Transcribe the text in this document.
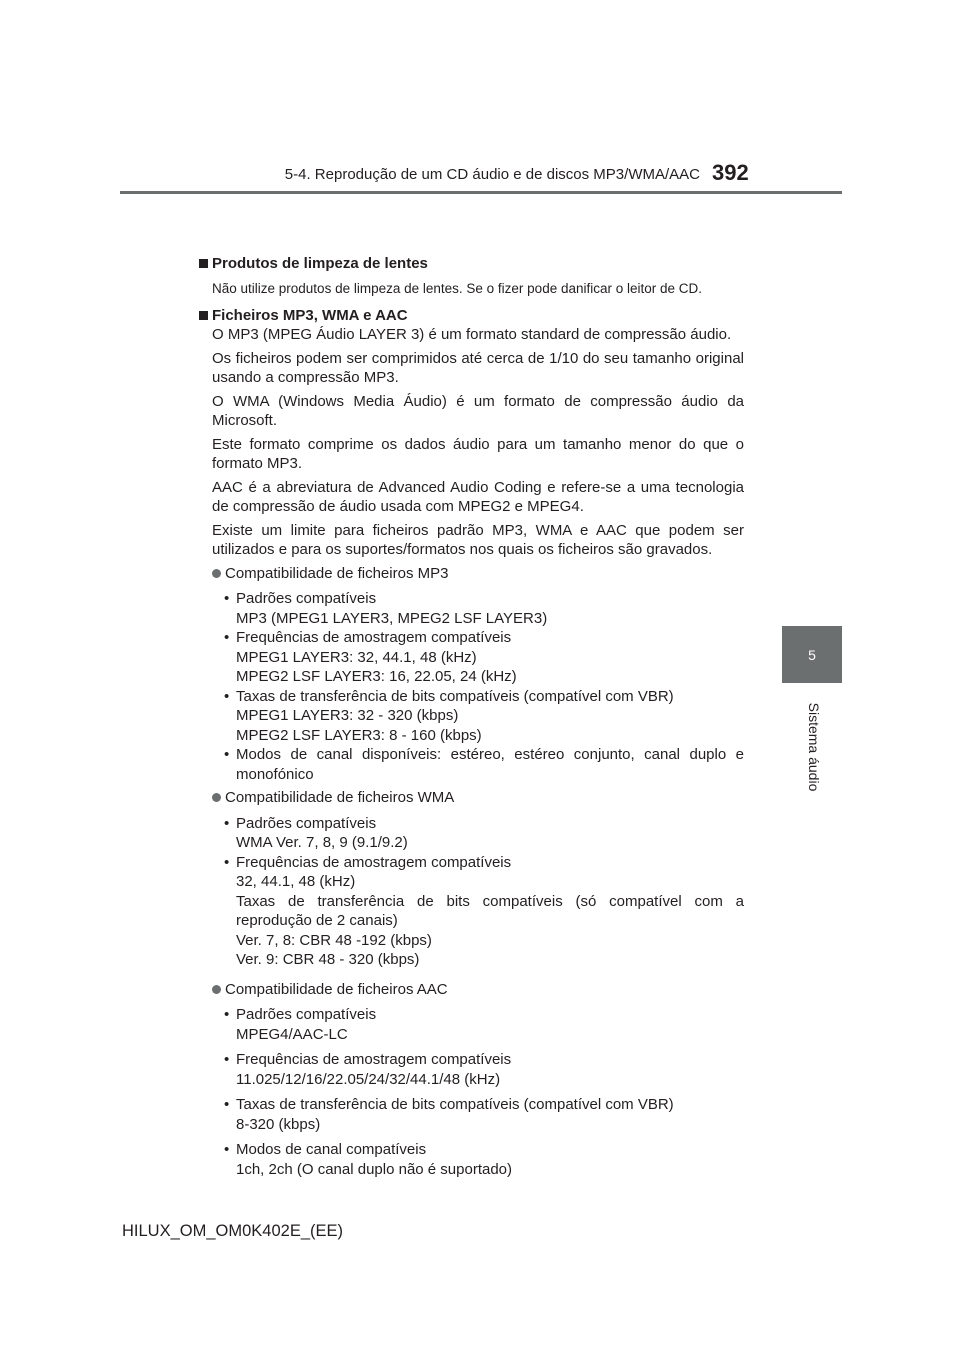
5-4. Reprodução de um CD áudio e de discos MP3/WMA/AAC 392
5
Sistema áudio
Produtos de limpeza de lentes
Não utilize produtos de limpeza de lentes. Se o fizer pode danificar o leitor de CD.
Ficheiros MP3, WMA e AAC

O MP3 (MPEG Áudio LAYER 3) é um formato standard de compressão áudio.

Os ficheiros podem ser comprimidos até cerca de 1/10 do seu tamanho original usando a compressão MP3.

O WMA (Windows Media Áudio) é um formato de compressão áudio da Microsoft.

Este formato comprime os dados áudio para um tamanho menor do que o formato MP3.

AAC é a abreviatura de Advanced Audio Coding e refere-se a uma tecnologia de compressão de áudio usada com MPEG2 e MPEG4.

Existe um limite para ficheiros padrão MP3, WMA e AAC que podem ser utilizados e para os suportes/formatos nos quais os ficheiros são gravados.

Compatibilidade de ficheiros MP3
• Padrões compatíveis
MP3 (MPEG1 LAYER3, MPEG2 LSF LAYER3)
• Frequências de amostragem compatíveis
MPEG1 LAYER3: 32, 44.1, 48 (kHz)
MPEG2 LSF LAYER3: 16, 22.05, 24 (kHz)
• Taxas de transferência de bits compatíveis (compatível com VBR)
MPEG1 LAYER3: 32 - 320 (kbps)
MPEG2 LSF LAYER3: 8 - 160 (kbps)
• Modos de canal disponíveis: estéreo, estéreo conjunto, canal duplo e monofónico
Compatibilidade de ficheiros WMA
• Padrões compatíveis
WMA Ver. 7, 8, 9 (9.1/9.2)
• Frequências de amostragem compatíveis
32, 44.1, 48 (kHz)
Taxas de transferência de bits compatíveis (só compatível com a reprodução de 2 canais)
Ver. 7, 8: CBR 48 -192 (kbps)
Ver. 9: CBR 48 - 320 (kbps)
Compatibilidade de ficheiros AAC
• Padrões compatíveis
MPEG4/AAC-LC
• Frequências de amostragem compatíveis
11.025/12/16/22.05/24/32/44.1/48 (kHz)
• Taxas de transferência de bits compatíveis (compatível com VBR)
8-320 (kbps)
• Modos de canal compatíveis
1ch, 2ch (O canal duplo não é suportado)
HILUX_OM_OM0K402E_(EE)
